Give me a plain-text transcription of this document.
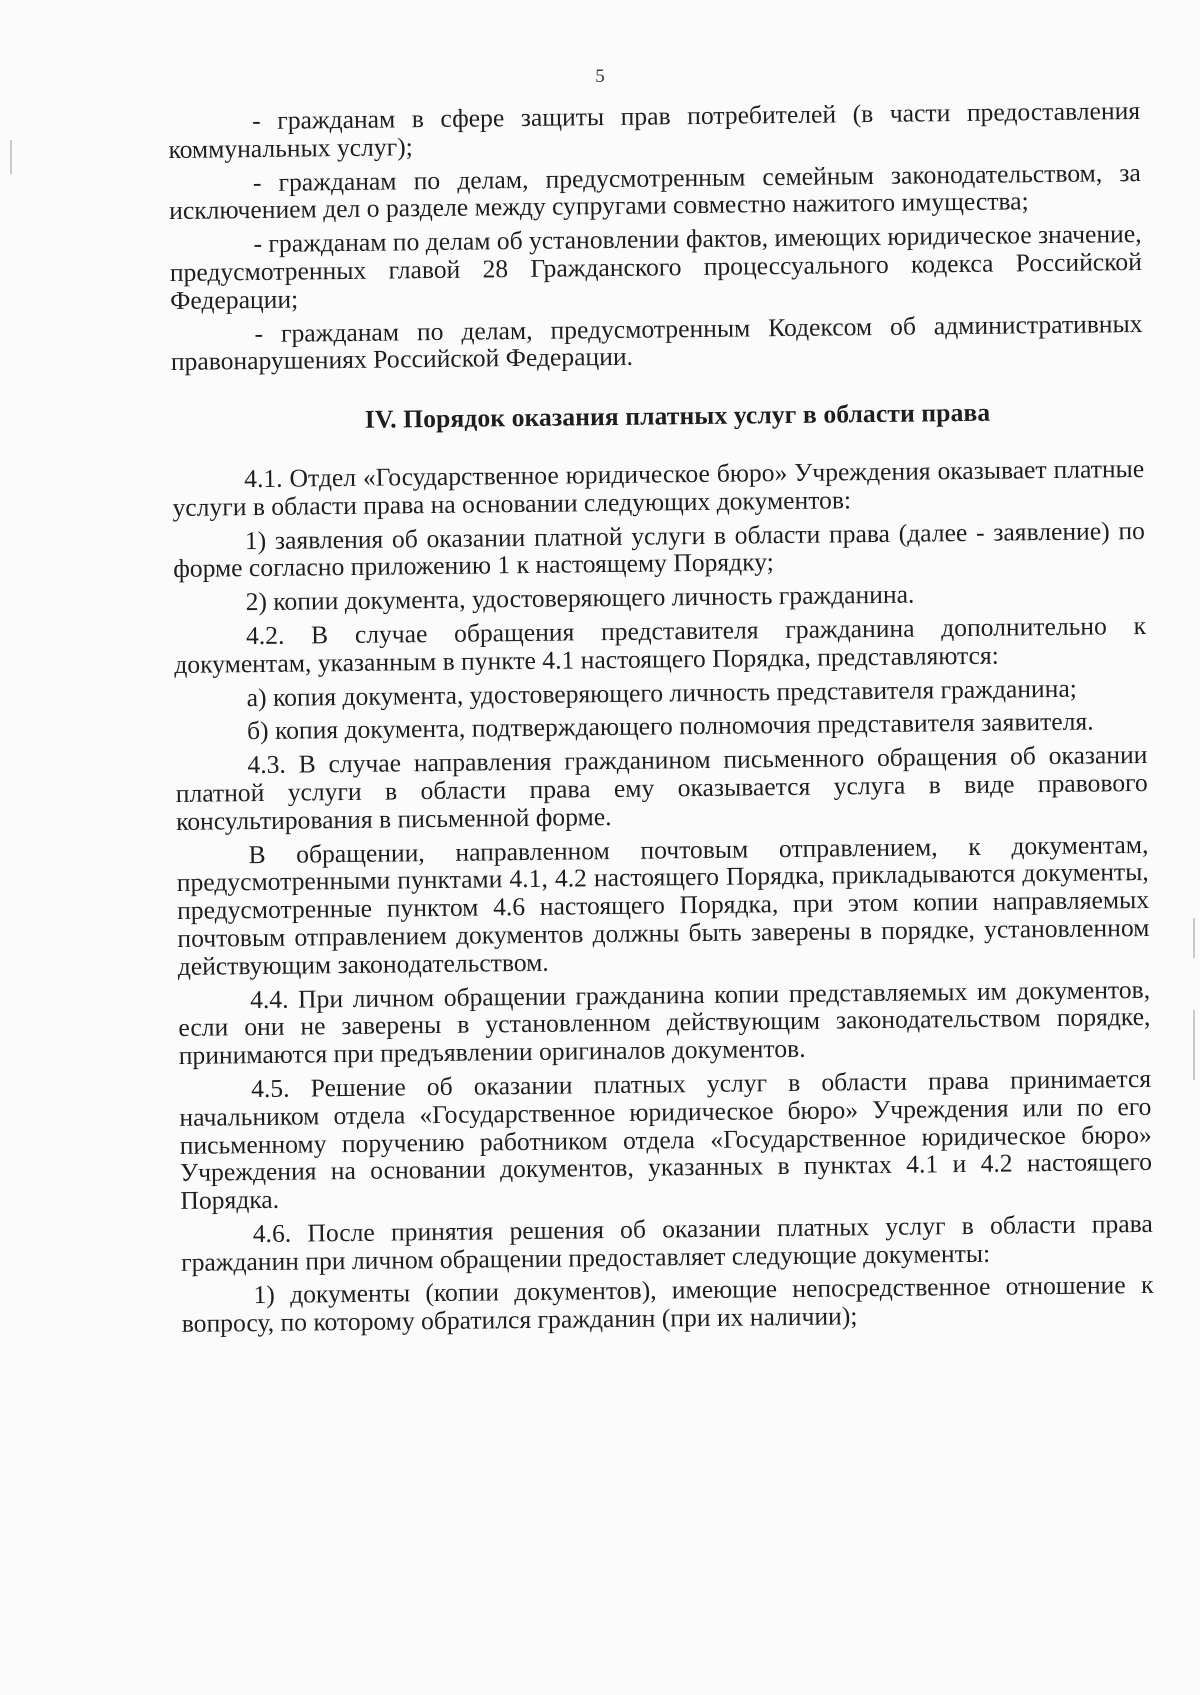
5

- гражданам в сфере защиты прав потребителей (в части предоставления коммунальных услуг);

- гражданам по делам, предусмотренным семейным законодательством, за исключением дел о разделе между супругами совместно нажитого имущества;

- гражданам по делам об установлении фактов, имеющих юридическое значение, предусмотренных главой 28 Гражданского процессуального кодекса Российской Федерации;

- гражданам по делам, предусмотренным Кодексом об административных правонарушениях Российской Федерации.

IV. Порядок оказания платных услуг в области права

4.1. Отдел «Государственное юридическое бюро» Учреждения оказывает платные услуги в области права на основании следующих документов:

1) заявления об оказании платной услуги в области права (далее - заявление) по форме согласно приложению 1 к настоящему Порядку;

2) копии документа, удостоверяющего личность гражданина.

4.2. В случае обращения представителя гражданина дополнительно к документам, указанным в пункте 4.1 настоящего Порядка, представляются:

а) копия документа, удостоверяющего личность представителя гражданина;

б) копия документа, подтверждающего полномочия представителя заявителя.

4.3. В случае направления гражданином письменного обращения об оказании платной услуги в области права ему оказывается услуга в виде правового консультирования в письменной форме.

В обращении, направленном почтовым отправлением, к документам, предусмотренными пунктами 4.1, 4.2 настоящего Порядка, прикладываются документы, предусмотренные пунктом 4.6 настоящего Порядка, при этом копии направляемых почтовым отправлением документов должны быть заверены в порядке, установленном действующим законодательством.

4.4. При личном обращении гражданина копии представляемых им документов, если они не заверены в установленном действующим законодательством порядке, принимаются при предъявлении оригиналов документов.

4.5. Решение об оказании платных услуг в области права принимается начальником отдела «Государственное юридическое бюро» Учреждения или по его письменному поручению работником отдела «Государственное юридическое бюро» Учреждения на основании документов, указанных в пунктах 4.1 и 4.2 настоящего Порядка.

4.6. После принятия решения об оказании платных услуг в области права гражданин при личном обращении предоставляет следующие документы:

1) документы (копии документов), имеющие непосредственное отношение к вопросу, по которому обратился гражданин (при их наличии);
